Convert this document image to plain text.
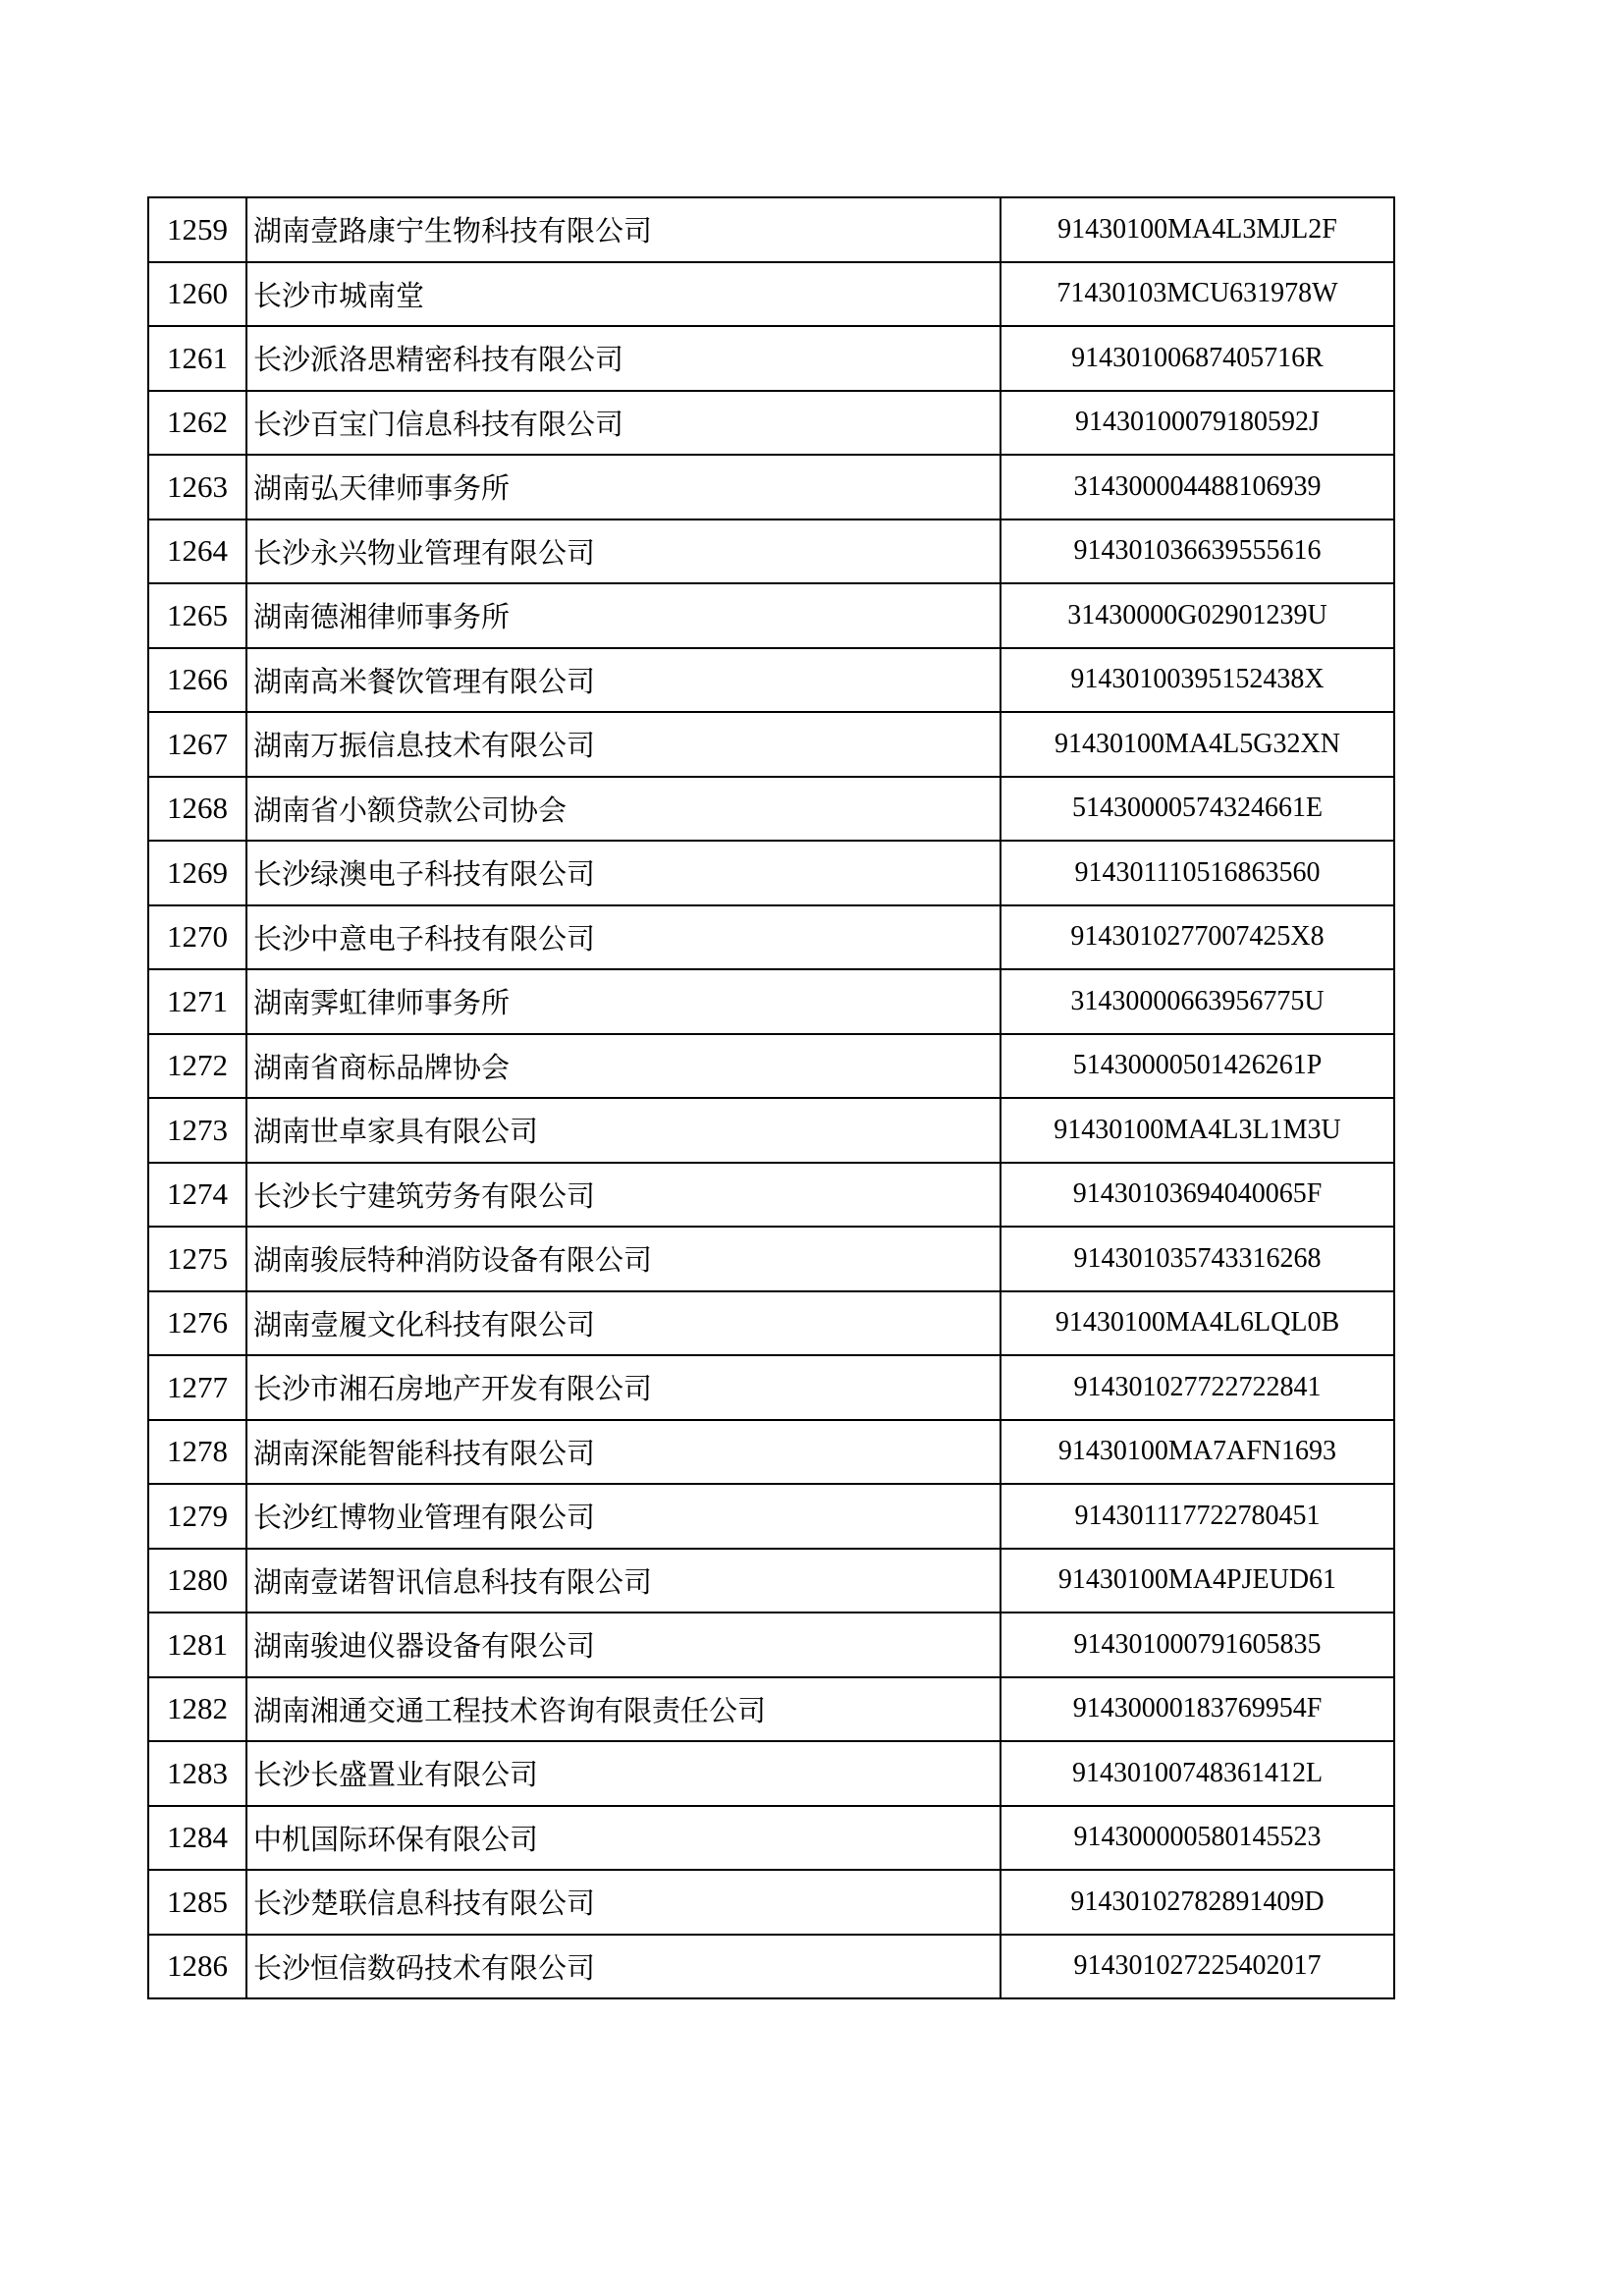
1259	湖南壹路康宁生物科技有限公司	91430100MA4L3MJL2F
1260	长沙市城南堂	71430103MCU631978W
1261	长沙派洛思精密科技有限公司	91430100687405716R
1262	长沙百宝门信息科技有限公司	91430100079180592J
1263	湖南弘天律师事务所	314300004488106939
1264	长沙永兴物业管理有限公司	914301036639555616
1265	湖南德湘律师事务所	31430000G02901239U
1266	湖南高米餐饮管理有限公司	91430100395152438X
1267	湖南万振信息技术有限公司	91430100MA4L5G32XN
1268	湖南省小额贷款公司协会	51430000574324661E
1269	长沙绿澳电子科技有限公司	914301110516863560
1270	长沙中意电子科技有限公司	9143010277007425X8
1271	湖南霁虹律师事务所	31430000663956775U
1272	湖南省商标品牌协会	51430000501426261P
1273	湖南世卓家具有限公司	91430100MA4L3L1M3U
1274	长沙长宁建筑劳务有限公司	91430103694040065F
1275	湖南骏辰特种消防设备有限公司	914301035743316268
1276	湖南壹履文化科技有限公司	91430100MA4L6LQL0B
1277	长沙市湘石房地产开发有限公司	914301027722722841
1278	湖南深能智能科技有限公司	91430100MA7AFN1693
1279	长沙红博物业管理有限公司	914301117722780451
1280	湖南壹诺智讯信息科技有限公司	91430100MA4PJEUD61
1281	湖南骏迪仪器设备有限公司	914301000791605835
1282	湖南湘通交通工程技术咨询有限责任公司	91430000183769954F
1283	长沙长盛置业有限公司	91430100748361412L
1284	中机国际环保有限公司	914300000580145523
1285	长沙楚联信息科技有限公司	91430102782891409D
1286	长沙恒信数码技术有限公司	914301027225402017
